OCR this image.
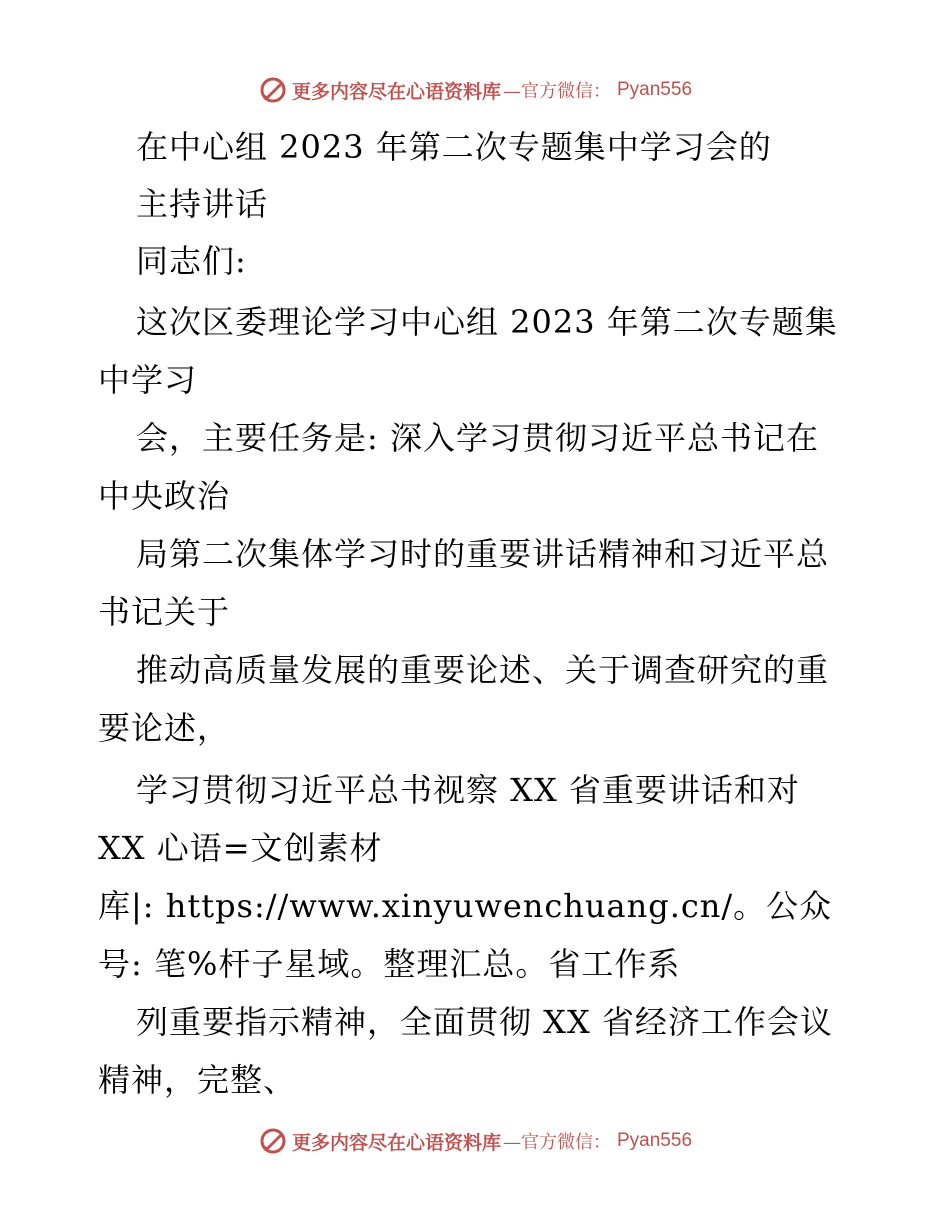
更多内容尽在心语资料库 —官方微信： Pyan556
在中心组 2023 年第二次专题集中学习会的
主持讲话
同志们:
这次区委理论学习中心组 2023 年第二次专题集
中学习
会，主要任务是: 深入学习贯彻习近平总书记在
中央政治
局第二次集体学习时的重要讲话精神和习近平总
书记关于
推动高质量发展的重要论述、关于调查研究的重
要论述，
学习贯彻习近平总书视察 XX 省重要讲话和对
XX 心语=文创素材
库|: https://www.xinyuwenchuang.cn/。公众
号: 笔%杆子星域。整理汇总。省工作系
列重要指示精神，全面贯彻 XX 省经济工作会议
精神，完整、
更多内容尽在心语资料库 —官方微信： Pyan556
